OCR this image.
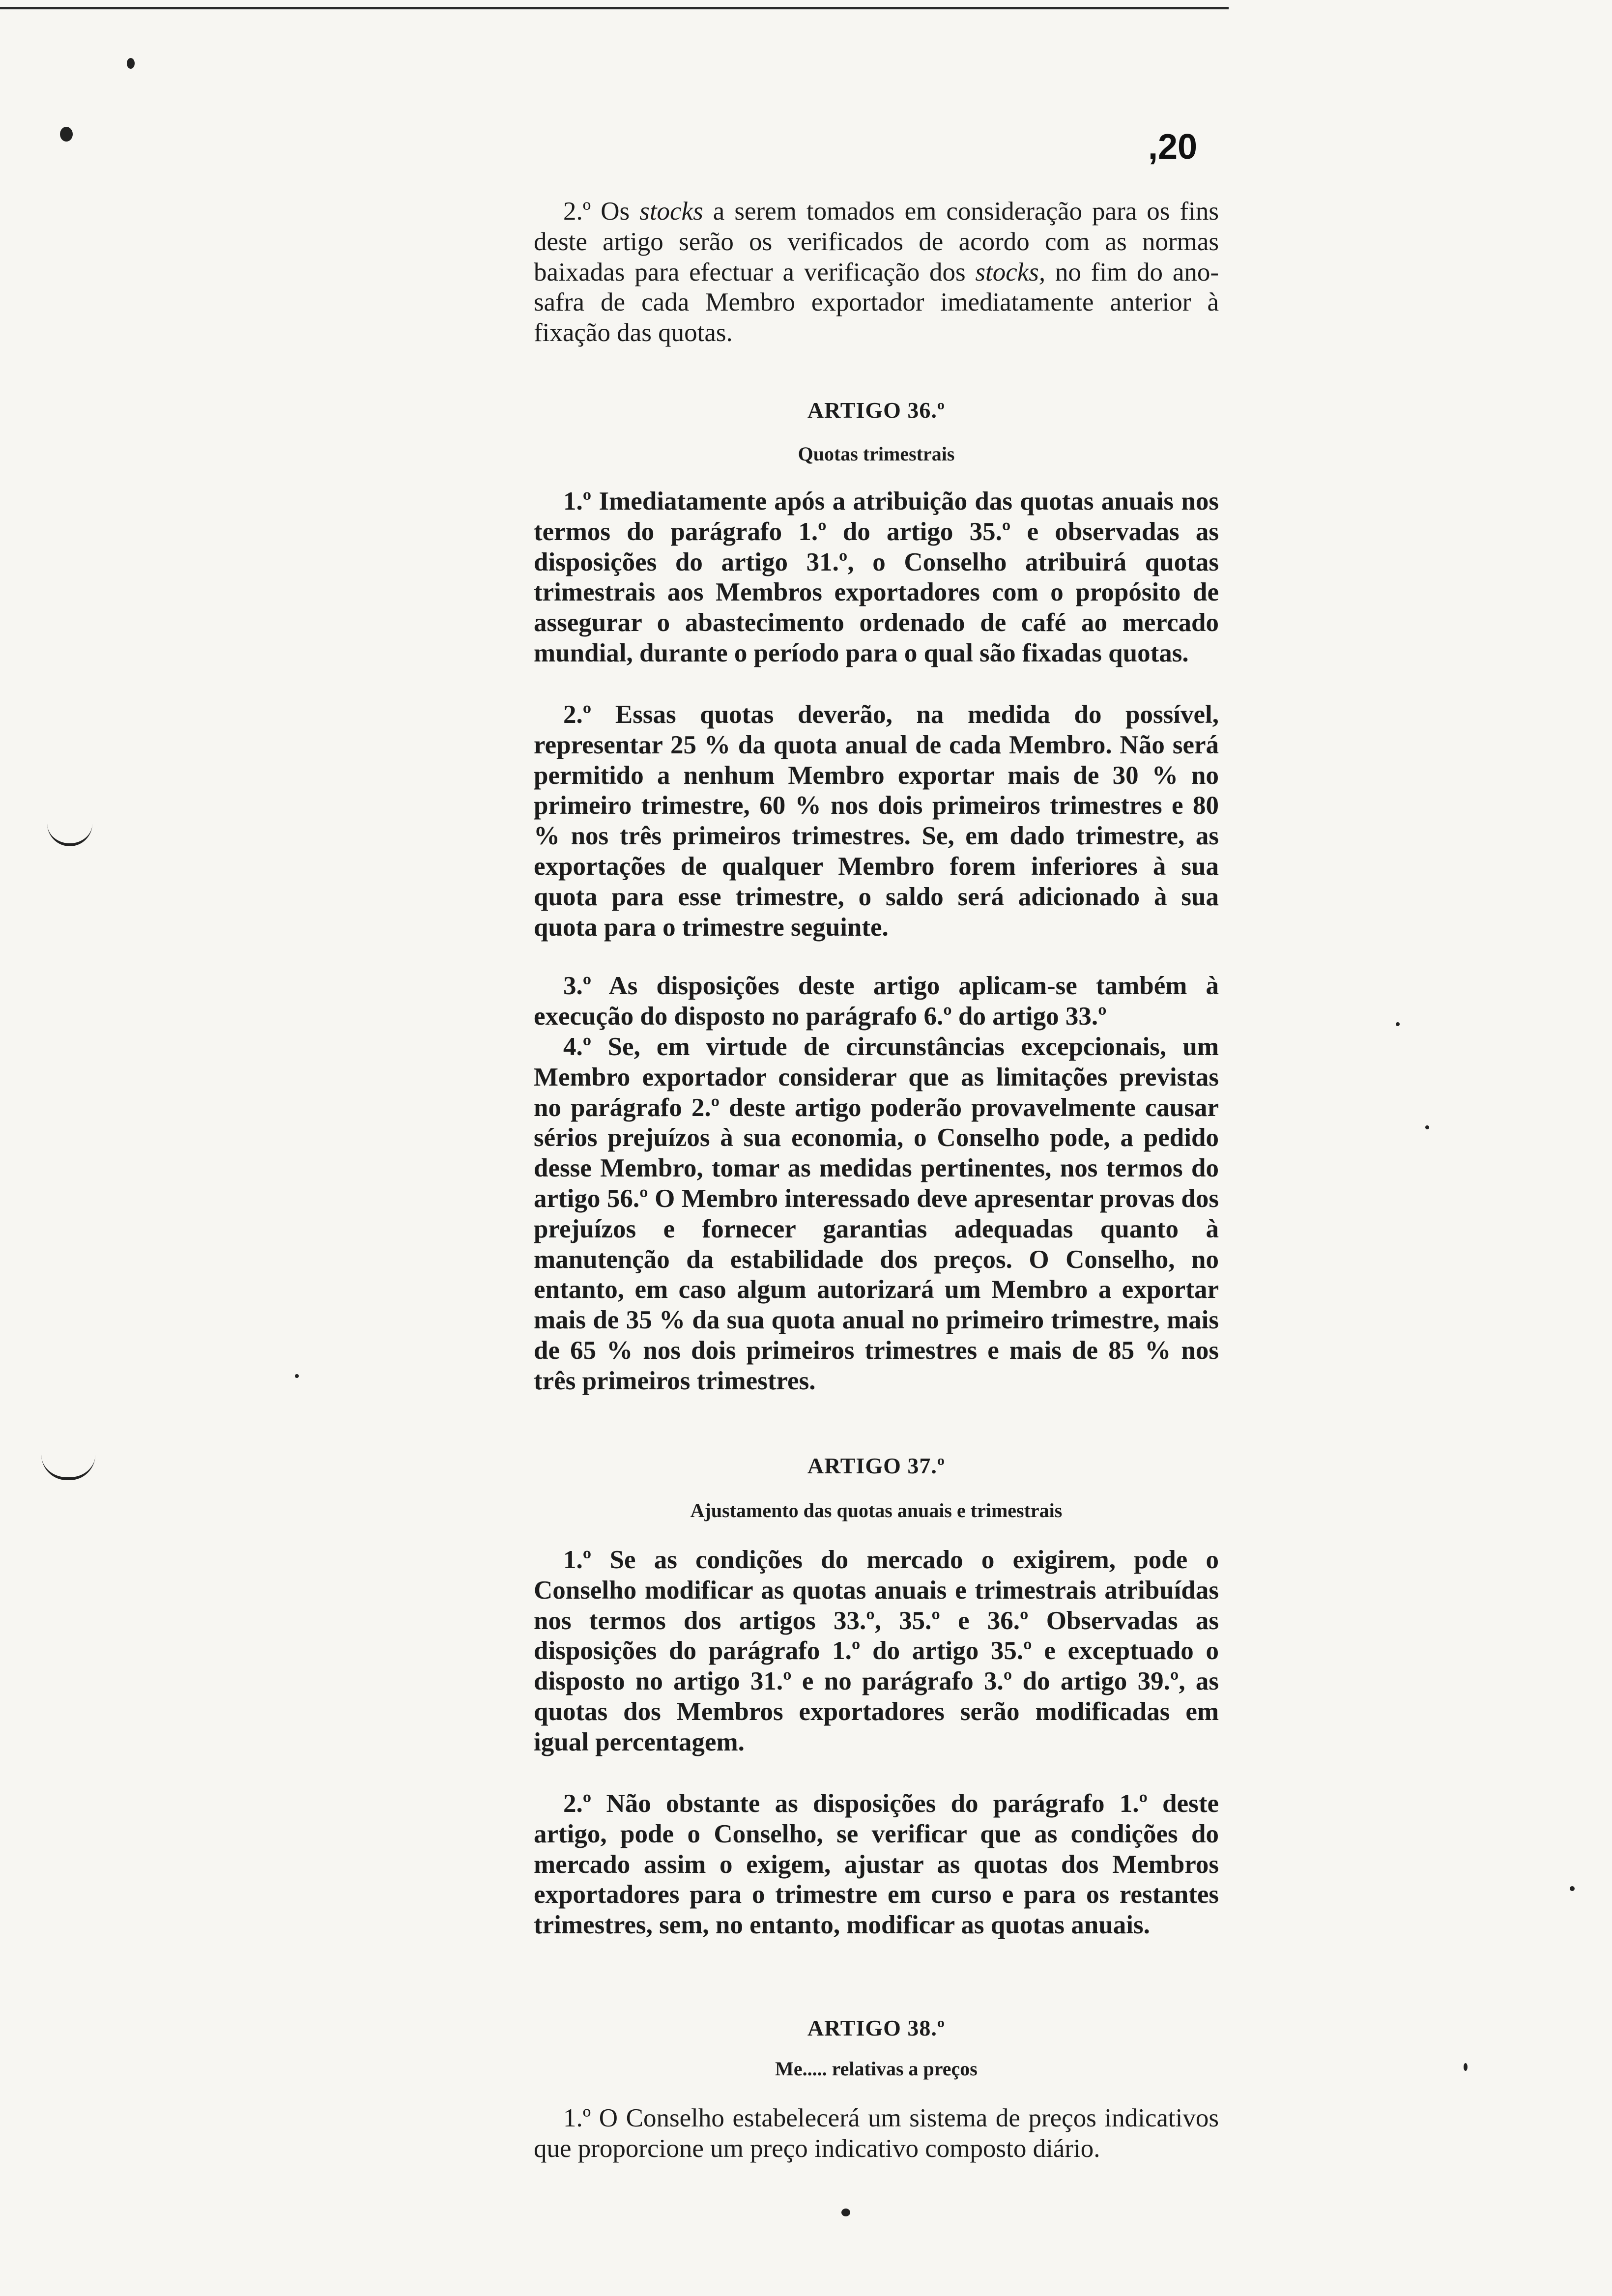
,20

2.º Os stocks a serem tomados em consideração para os fins deste artigo serão os verificados de acordo com as normas baixadas para efectuar a verificação dos stocks, no fim do ano-safra de cada Membro exportador imediatamente anterior à fixação das quotas.

ARTIGO 36.º

Quotas trimestrais

1.º Imediatamente após a atribuição das quotas anuais nos termos do parágrafo 1.º do artigo 35.º e observadas as disposições do artigo 31.º, o Conselho atribuirá quotas trimestrais aos Membros exportadores com o propósito de assegurar o abastecimento ordenado de café ao mercado mundial, durante o período para o qual são fixadas quotas.

2.º Essas quotas deverão, na medida do possível, representar 25 % da quota anual de cada Membro. Não será permitido a nenhum Membro exportar mais de 30 % no primeiro trimestre, 60 % nos dois primeiros trimestres e 80 % nos três primeiros trimestres. Se, em dado trimestre, as exportações de qualquer Membro forem inferiores à sua quota para esse trimestre, o saldo será adicionado à sua quota para o trimestre seguinte.

3.º As disposições deste artigo aplicam-se também à execução do disposto no parágrafo 6.º do artigo 33.º

4.º Se, em virtude de circunstâncias excepcionais, um Membro exportador considerar que as limitações previstas no parágrafo 2.º deste artigo poderão provavelmente causar sérios prejuízos à sua economia, o Conselho pode, a pedido desse Membro, tomar as medidas pertinentes, nos termos do artigo 56.º O Membro interessado deve apresentar provas dos prejuízos e fornecer garantias adequadas quanto à manutenção da estabilidade dos preços. O Conselho, no entanto, em caso algum autorizará um Membro a exportar mais de 35 % da sua quota anual no primeiro trimestre, mais de 65 % nos dois primeiros trimestres e mais de 85 % nos três primeiros trimestres.

ARTIGO 37.º

Ajustamento das quotas anuais e trimestrais

1.º Se as condições do mercado o exigirem, pode o Conselho modificar as quotas anuais e trimestrais atribuídas nos termos dos artigos 33.º, 35.º e 36.º Observadas as disposições do parágrafo 1.º do artigo 35.º e exceptuado o disposto no artigo 31.º e no parágrafo 3.º do artigo 39.º, as quotas dos Membros exportadores serão modificadas em igual percentagem.

2.º Não obstante as disposições do parágrafo 1.º deste artigo, pode o Conselho, se verificar que as condições do mercado assim o exigem, ajustar as quotas dos Membros exportadores para o trimestre em curso e para os restantes trimestres, sem, no entanto, modificar as quotas anuais.

ARTIGO 38.º

Me..... relativas a preços

1.º O Conselho estabelecerá um sistema de preços indicativos que proporcione um preço indicativo composto diário.
